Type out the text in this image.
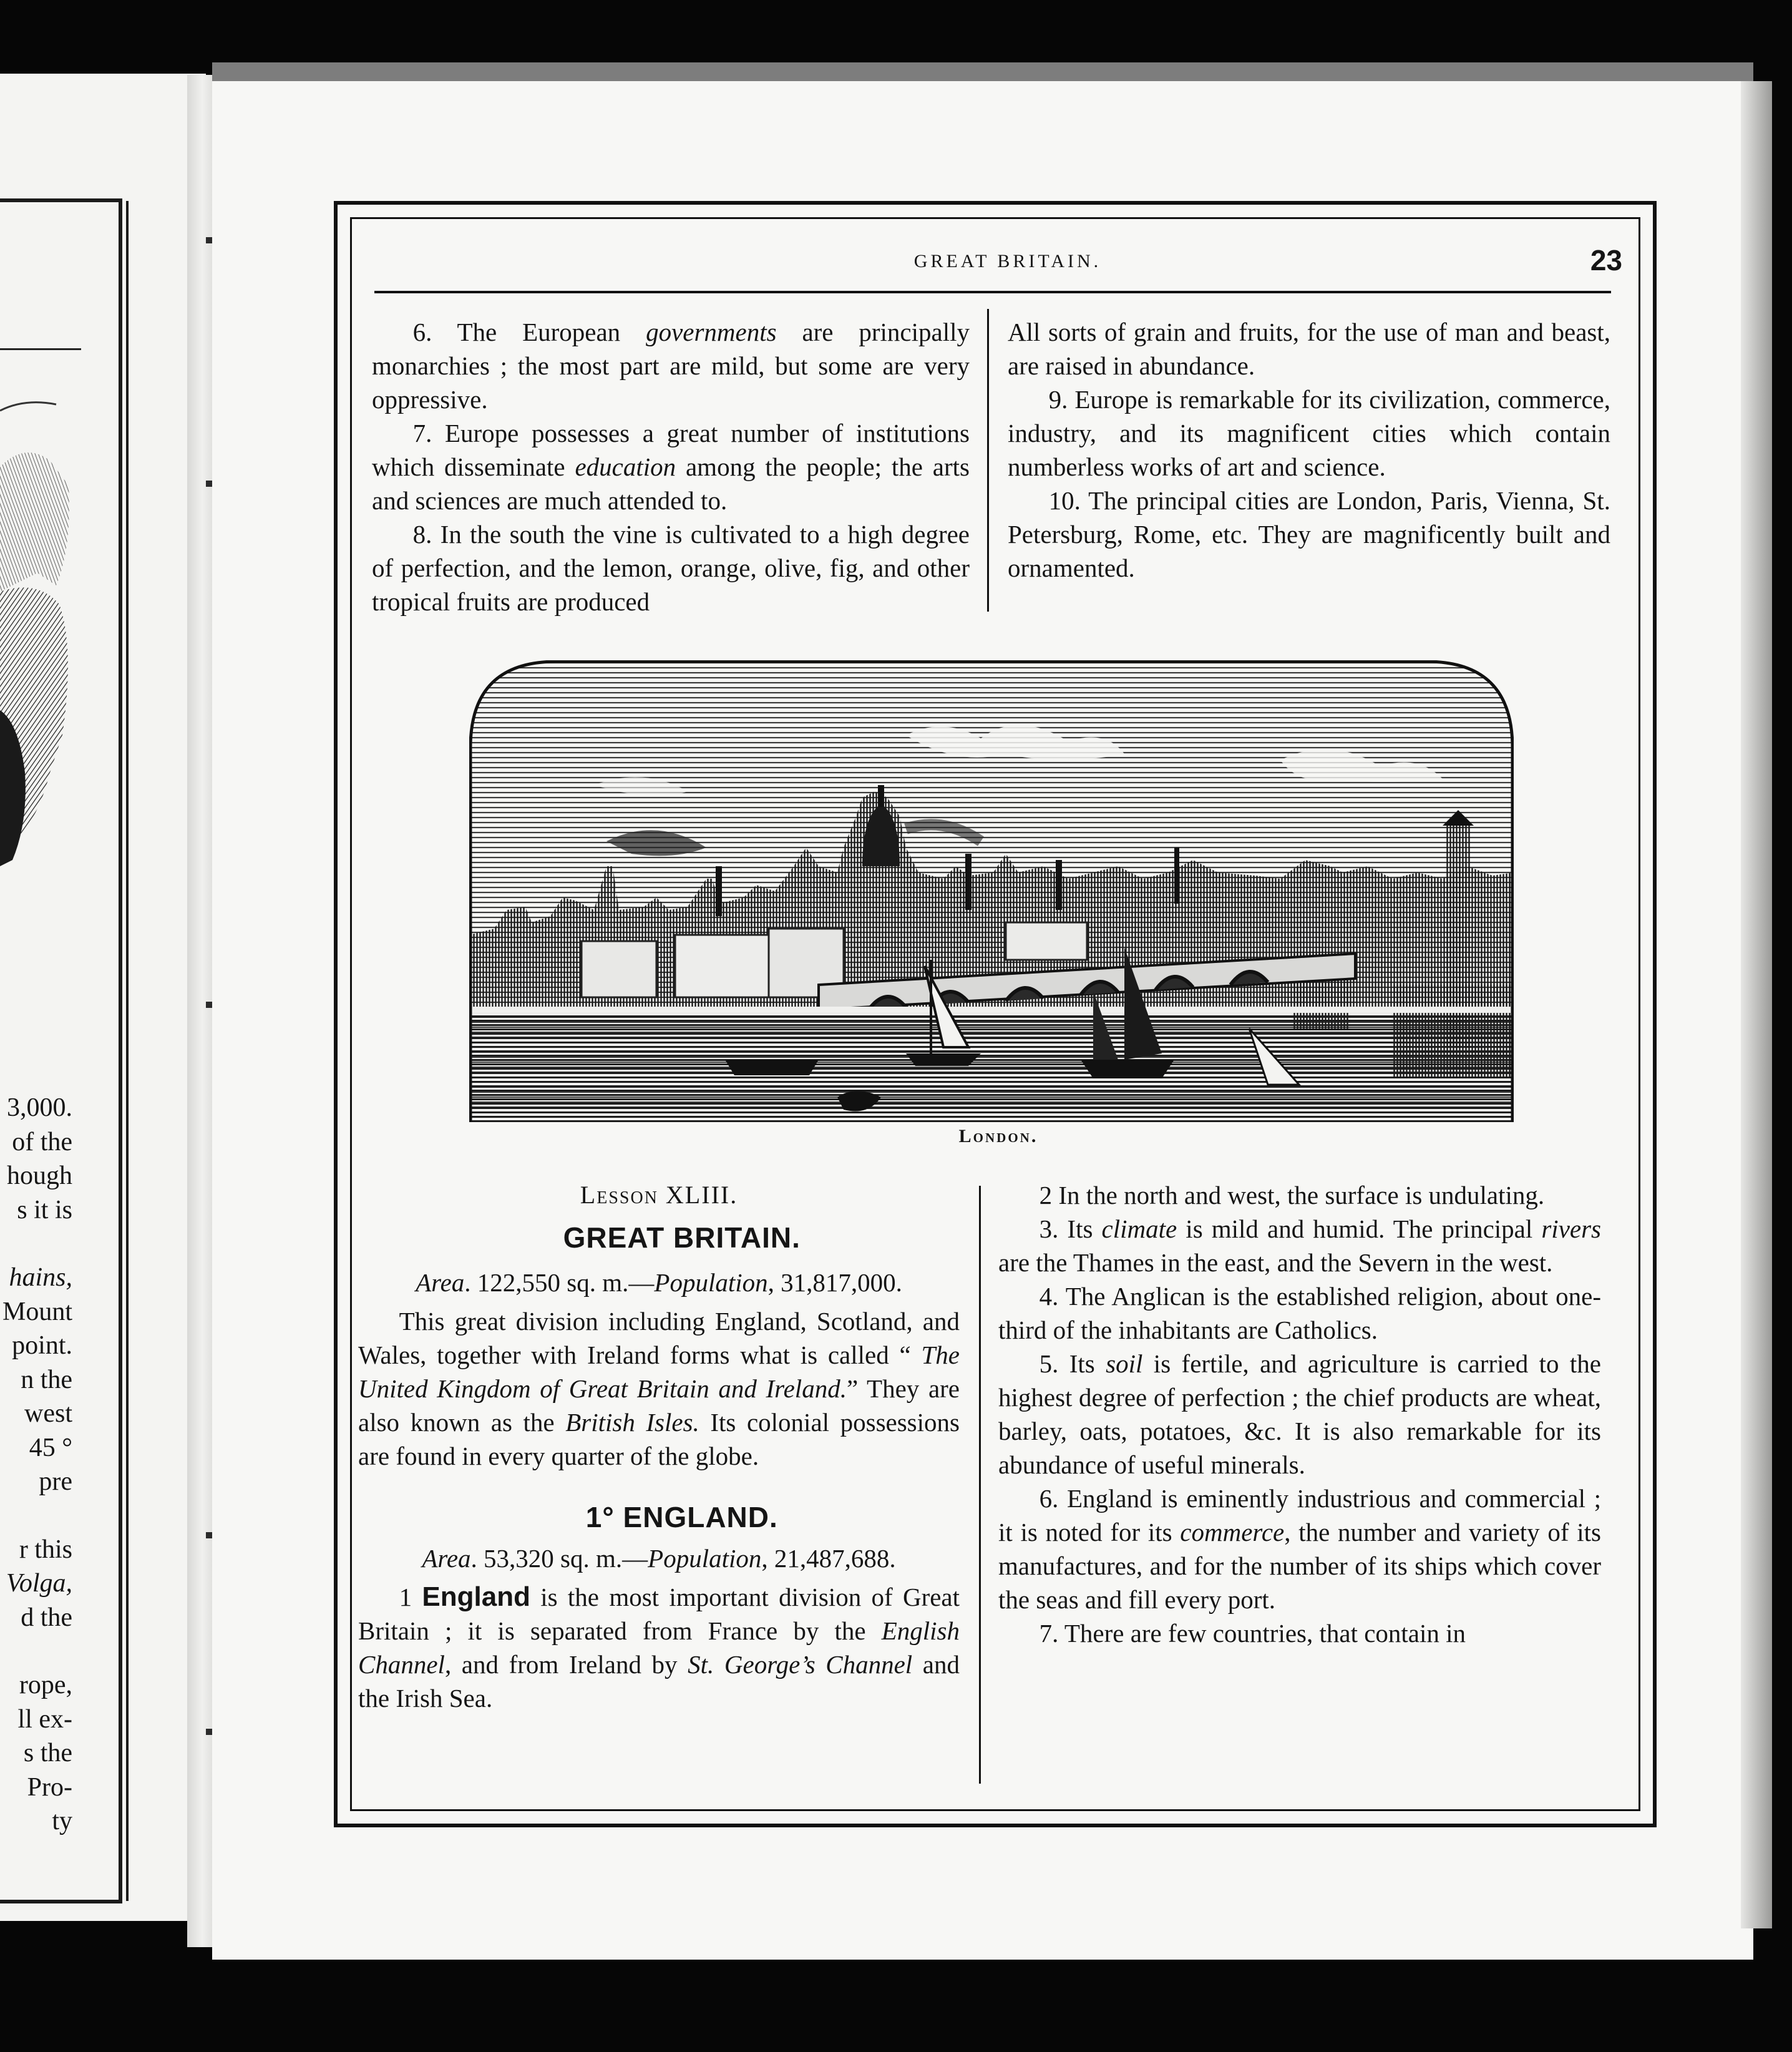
3,000.
of the
hough
s it is
hains,
Mount
point.
n the
west
45 °
pre
r this
Volga,
d the
rope,
ll ex-
s the
Pro-
ty
GREAT BRITAIN.	23

6. The European governments are principally monarchies ; the most part are mild, but some are very oppressive.

7. Europe possesses a great number of institutions which disseminate education among the people; the arts and sciences are much attended to.

8. In the south the vine is cultivated to a high degree of perfection, and the lemon, orange, olive, fig, and other tropical fruits are produced

All sorts of grain and fruits, for the use of man and beast, are raised in abundance.

9. Europe is remarkable for its civilization, commerce, industry, and its magnificent cities which contain numberless works of art and science.

10. The principal cities are London, Paris, Vienna, St. Petersburg, Rome, etc. They are magnificently built and ornamented.

London.

Lesson XLIII.

GREAT BRITAIN.

Area. 122,550 sq. m.—Population, 31,817,000.

This great division including England, Scotland, and Wales, together with Ireland forms what is called “ The United Kingdom of Great Britain and Ireland.” They are also known as the British Isles. Its colonial possessions are found in every quarter of the globe.

1° ENGLAND.

Area. 53,320 sq. m.—Population, 21,487,688.

1 England is the most important division of Great Britain ; it is separated from France by the English Channel, and from Ireland by St. George’s Channel and the Irish Sea.

2 In the north and west, the surface is undulating.

3. Its climate is mild and humid. The principal rivers are the Thames in the east, and the Severn in the west.

4. The Anglican is the established religion, about one-third of the inhabitants are Catholics.

5. Its soil is fertile, and agriculture is carried to the highest degree of perfection ; the chief products are wheat, barley, oats, potatoes, &c. It is also remarkable for its abundance of useful minerals.

6. England is eminently industrious and commercial ; it is noted for its commerce, the number and variety of its manufactures, and for the number of its ships which cover the seas and fill every port.

7. There are few countries, that contain in
